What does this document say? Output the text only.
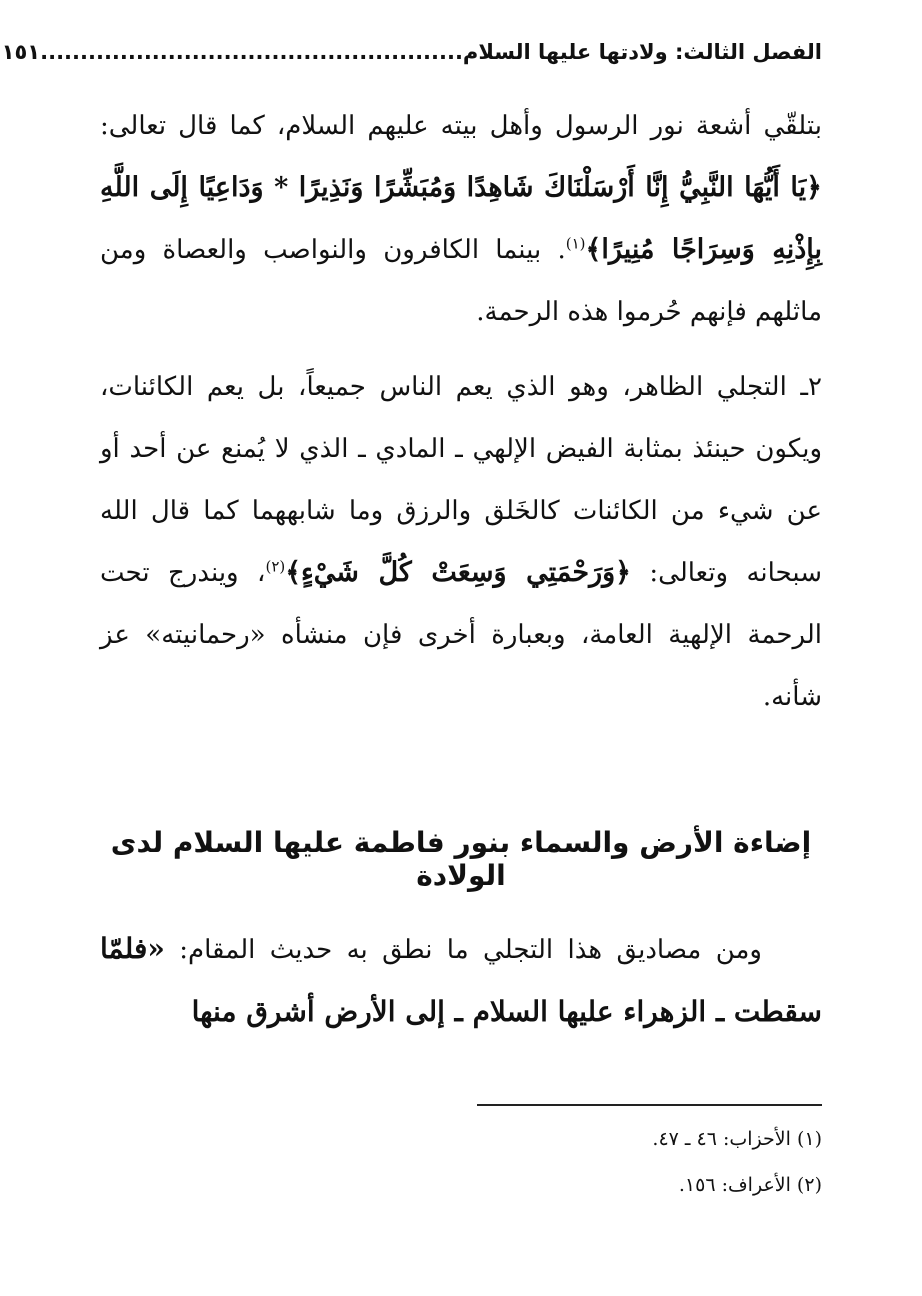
الفصل الثالث: ولادتها عليها السلام.....................................................
١٥١

بتلقّي أشعة نور الرسول وأهل بيته عليهم السلام، كما قال تعالى: ﴿يَا أَيُّهَا النَّبِيُّ إِنَّا أَرْسَلْنَاكَ شَاهِدًا وَمُبَشِّرًا وَنَذِيرًا * وَدَاعِيًا إِلَى اللَّهِ بِإِذْنِهِ وَسِرَاجًا مُنِيرًا﴾$^{(١)}$. بينما الكافرون والنواصب والعصاة ومن ماثلهم فإنهم حُرموا هذه الرحمة.

٢ـ التجلي الظاهر، وهو الذي يعم الناس جميعاً، بل يعم الكائنات، ويكون حينئذ بمثابة الفيض الإلهي ـ المادي ـ الذي لا يُمنع عن أحد أو عن شيء من الكائنات كالخَلق والرزق وما شابههما كما قال الله سبحانه وتعالى: ﴿وَرَحْمَتِي وَسِعَتْ كُلَّ شَيْءٍ﴾$^{(٢)}$، ويندرج تحت الرحمة الإلهية العامة، وبعبارة أخرى فإن منشأه «رحمانيته» عز شأنه.

إضاءة الأرض والسماء بنور فاطمة عليها السلام لدى الولادة

ومن مصاديق هذا التجلي ما نطق به حديث المقام: «فلمّا سقطت ـ الزهراء عليها السلام ـ إلى الأرض أشرق منها

(١) الأحزاب: ٤٦ ـ ٤٧.
(٢) الأعراف: ١٥٦.
